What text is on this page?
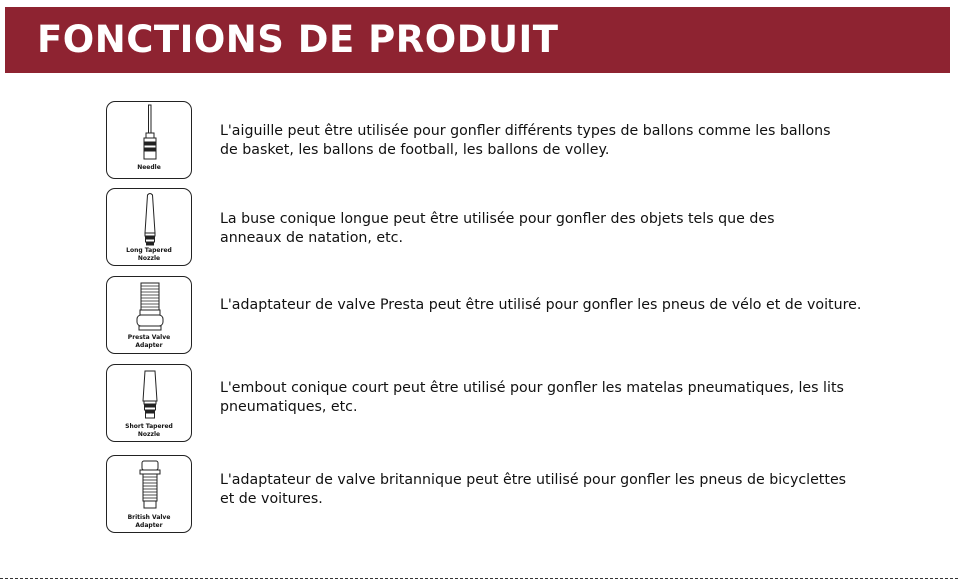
FONCTIONS DE PRODUIT
Needle
L'aiguille peut être utilisée pour gonfler différents types de ballons comme les ballons
de basket, les ballons de football, les ballons de volley.
Long Tapered
Nozzle
La buse conique longue peut être utilisée pour gonfler des objets tels que des
anneaux de natation, etc.
Presta Valve
Adapter
L'adaptateur de valve Presta peut être utilisé pour gonfler les pneus de vélo et de voiture.
Short Tapered
Nozzle
L'embout conique court peut être utilisé pour gonfler les matelas pneumatiques, les lits
pneumatiques, etc.
British Valve
Adapter
L'adaptateur de valve britannique peut être utilisé pour gonfler les pneus de bicyclettes
et de voitures.
